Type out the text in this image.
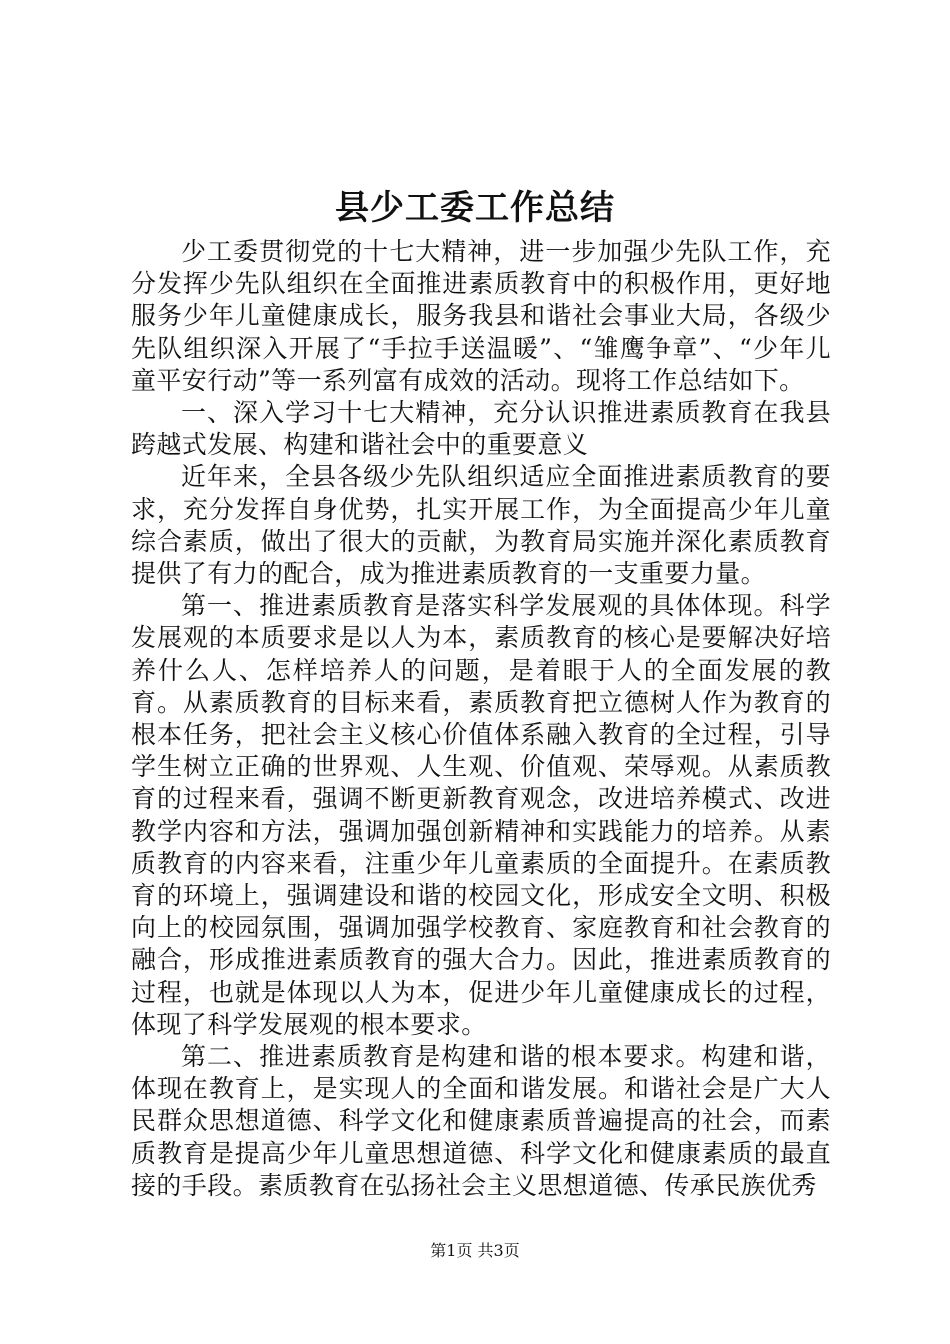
县少工委工作总结

少工委贯彻党的十七大精神，进一步加强少先队工作，充分发挥少先队组织在全面推进素质教育中的积极作用，更好地服务少年儿童健康成长，服务我县和谐社会事业大局，各级少先队组织深入开展了“手拉手送温暖”、“雏鹰争章”、“少年儿童平安行动”等一系列富有成效的活动。现将工作总结如下。

一、深入学习十七大精神，充分认识推进素质教育在我县跨越式发展、构建和谐社会中的重要意义

近年来，全县各级少先队组织适应全面推进素质教育的要求，充分发挥自身优势，扎实开展工作，为全面提高少年儿童综合素质，做出了很大的贡献，为教育局实施并深化素质教育提供了有力的配合，成为推进素质教育的一支重要力量。

第一、推进素质教育是落实科学发展观的具体体现。科学发展观的本质要求是以人为本，素质教育的核心是要解决好培养什么人、怎样培养人的问题，是着眼于人的全面发展的教育。从素质教育的目标来看，素质教育把立德树人作为教育的根本任务，把社会主义核心价值体系融入教育的全过程，引导学生树立正确的世界观、人生观、价值观、荣辱观。从素质教育的过程来看，强调不断更新教育观念，改进培养模式、改进教学内容和方法，强调加强创新精神和实践能力的培养。从素质教育的内容来看，注重少年儿童素质的全面提升。在素质教育的环境上，强调建设和谐的校园文化，形成安全文明、积极向上的校园氛围，强调加强学校教育、家庭教育和社会教育的融合，形成推进素质教育的强大合力。因此，推进素质教育的过程，也就是体现以人为本，促进少年儿童健康成长的过程，体现了科学发展观的根本要求。

第二、推进素质教育是构建和谐的根本要求。构建和谐，体现在教育上，是实现人的全面和谐发展。和谐社会是广大人民群众思想道德、科学文化和健康素质普遍提高的社会，而素质教育是提高少年儿童思想道德、科学文化和健康素质的最直接的手段。素质教育在弘扬社会主义思想道德、传承民族优秀

第1页 共3页
